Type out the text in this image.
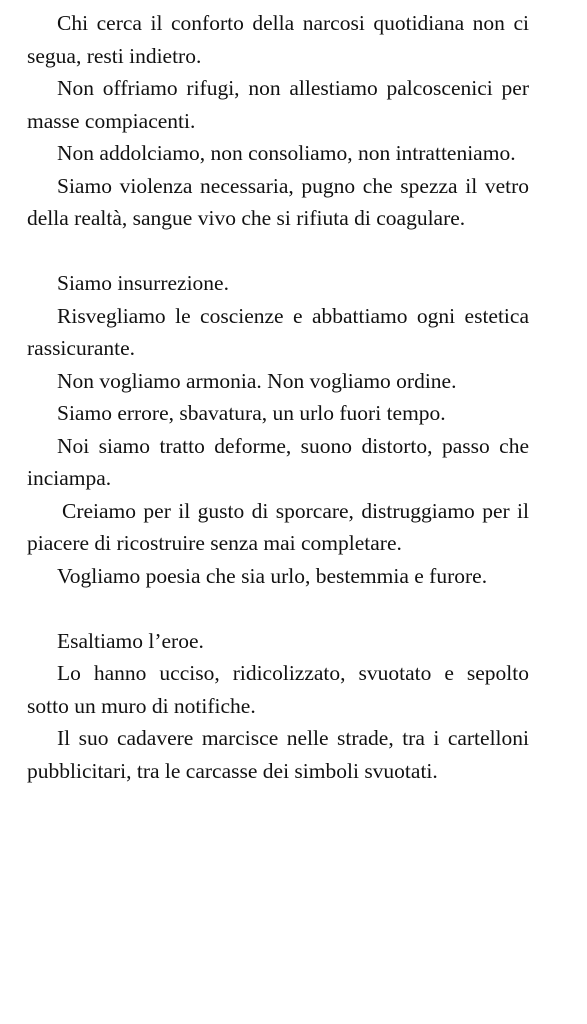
Chi cerca il conforto della narcosi quotidiana non ci segua, resti indietro.

Non offriamo rifugi, non allestiamo palcoscenici per masse compiacenti.

Non addolciamo, non consoliamo, non intratteniamo.

Siamo violenza necessaria, pugno che spezza il vetro della realtà, sangue vivo che si rifiuta di coagulare.

Siamo insurrezione.

Risvegliamo le coscienze e abbattiamo ogni estetica rassicurante.

Non vogliamo armonia. Non vogliamo ordine.

Siamo errore, sbavatura, un urlo fuori tempo.

Noi siamo tratto deforme, suono distorto, passo che inciampa.

Creiamo per il gusto di sporcare, distruggiamo per il piacere di ricostruire senza mai completare.

Vogliamo poesia che sia urlo, bestemmia e furore.

Esaltiamo l’eroe.

Lo hanno ucciso, ridicolizzato, svuotato e sepolto sotto un muro di notifiche.

Il suo cadavere marcisce nelle strade, tra i cartelloni pubblicitari, tra le carcasse dei simboli svuotati.
